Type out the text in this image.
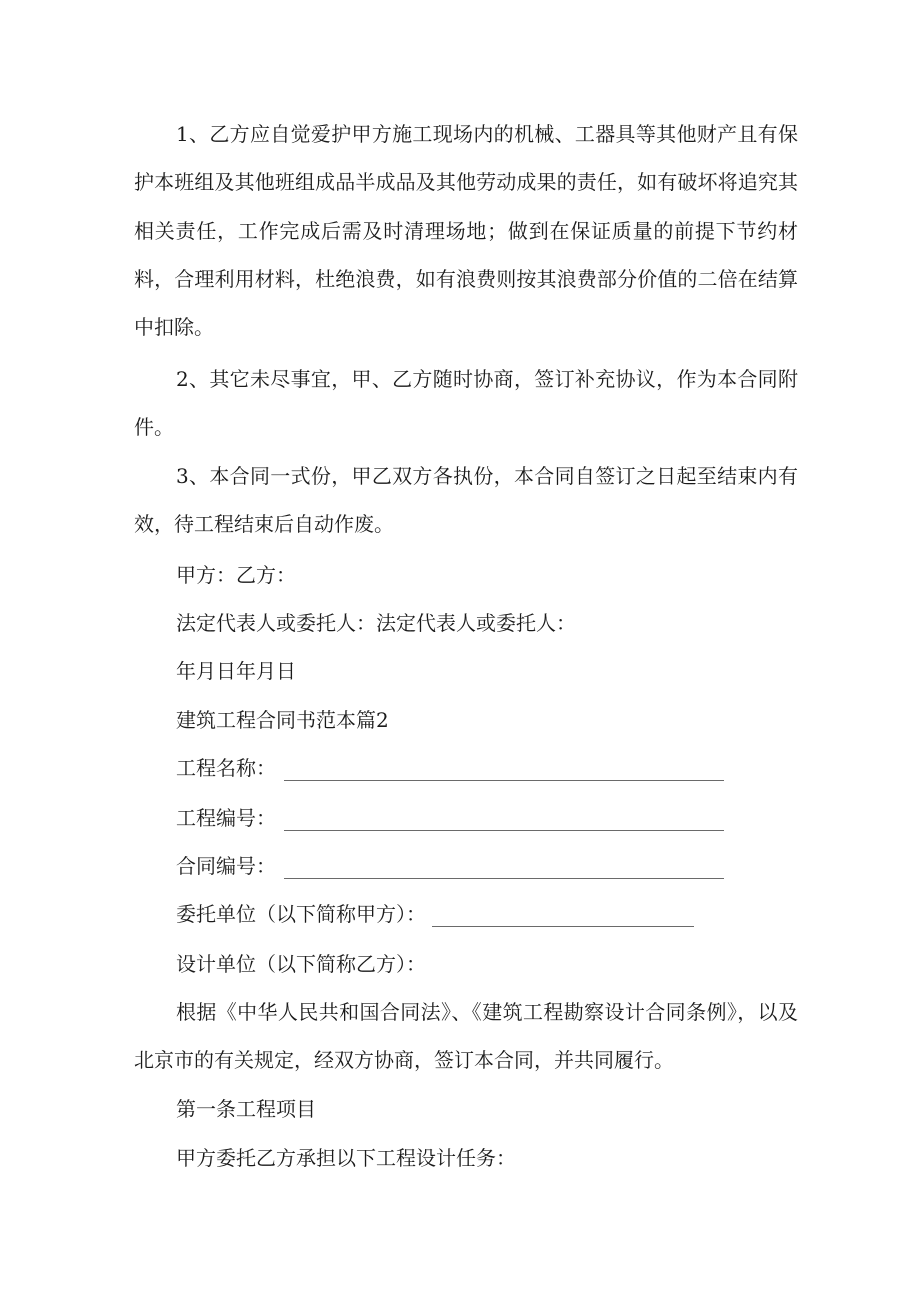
1、乙方应自觉爱护甲方施工现场内的机械、工器具等其他财产且有保护本班组及其他班组成品半成品及其他劳动成果的责任，如有破坏将追究其相关责任，工作完成后需及时清理场地；做到在保证质量的前提下节约材料，合理利用材料，杜绝浪费，如有浪费则按其浪费部分价值的二倍在结算中扣除。

2、其它未尽事宜，甲、乙方随时协商，签订补充协议，作为本合同附件。

3、本合同一式份，甲乙双方各执份，本合同自签订之日起至结束内有效，待工程结束后自动作废。

甲方：乙方：

法定代表人或委托人：法定代表人或委托人：

年月日年月日

建筑工程合同书范本篇2

工程名称：
工程编号：
合同编号：
委托单位（以下简称甲方）：

设计单位（以下简称乙方）：

根据《中华人民共和国合同法》、《建筑工程勘察设计合同条例》，以及北京市的有关规定，经双方协商，签订本合同，并共同履行。

第一条工程项目

甲方委托乙方承担以下工程设计任务：
